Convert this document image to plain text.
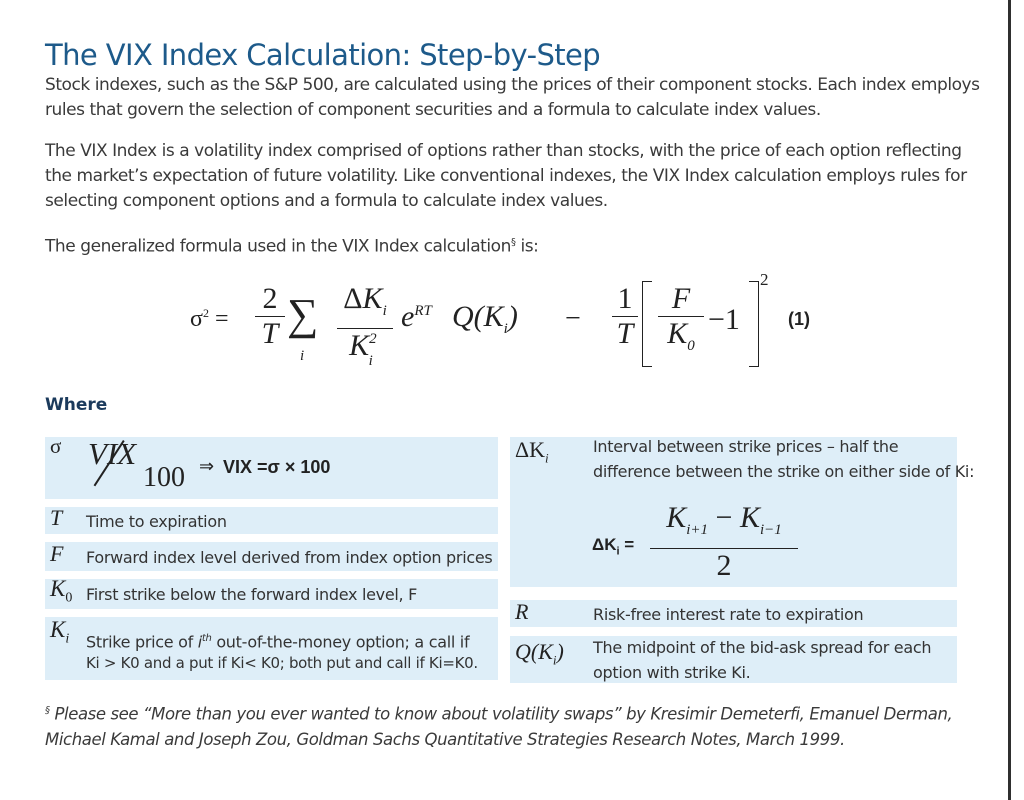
The VIX Index Calculation: Step-by-Step

Stock indexes, such as the S&P 500, are calculated using the prices of their component stocks. Each index employs rules that govern the selection of component securities and a formula to calculate index values.

The VIX Index is a volatility index comprised of options rather than stocks, with the price of each option reflecting the market’s expectation of future volatility. Like conventional indexes, the VIX Index calculation employs rules for selecting component options and a formula to calculate index values.

The generalized formula used in the VIX Index calculation§ is:

$\sigma^2$ =
2
T ∑
i
$\Delta K_i$
$K^2_i$
$e^{RT}$ $Q(K_i)$ −
1
T
F
$K_0$
−1
2
(1)
Where
σ VIX
100 ⇒ VIX =σ × 100
T Time to expiration
F Forward index level derived from index option prices
$K_0$ First strike below the forward index level, F
$K_i$ Strike price of $i^{th}$ out-of-the-money option; a call if
Ki > K0 and a put if Ki< K0; both put and call if Ki=K0.
$\Delta K_i$
Interval between strike prices – half the
difference between the strike on either side of Ki:
$\Delta K_i$ =
$K_{i+1} - K_{i-1}$
2
R	Risk-free interest rate to expiration
$Q(K_i)$ The midpoint of the bid-ask spread for each
option with strike Ki.
§ Please see “More than you ever wanted to know about volatility swaps” by Kresimir Demeterfi, Emanuel Derman, Michael Kamal and Joseph Zou, Goldman Sachs Quantitative Strategies Research Notes, March 1999.
